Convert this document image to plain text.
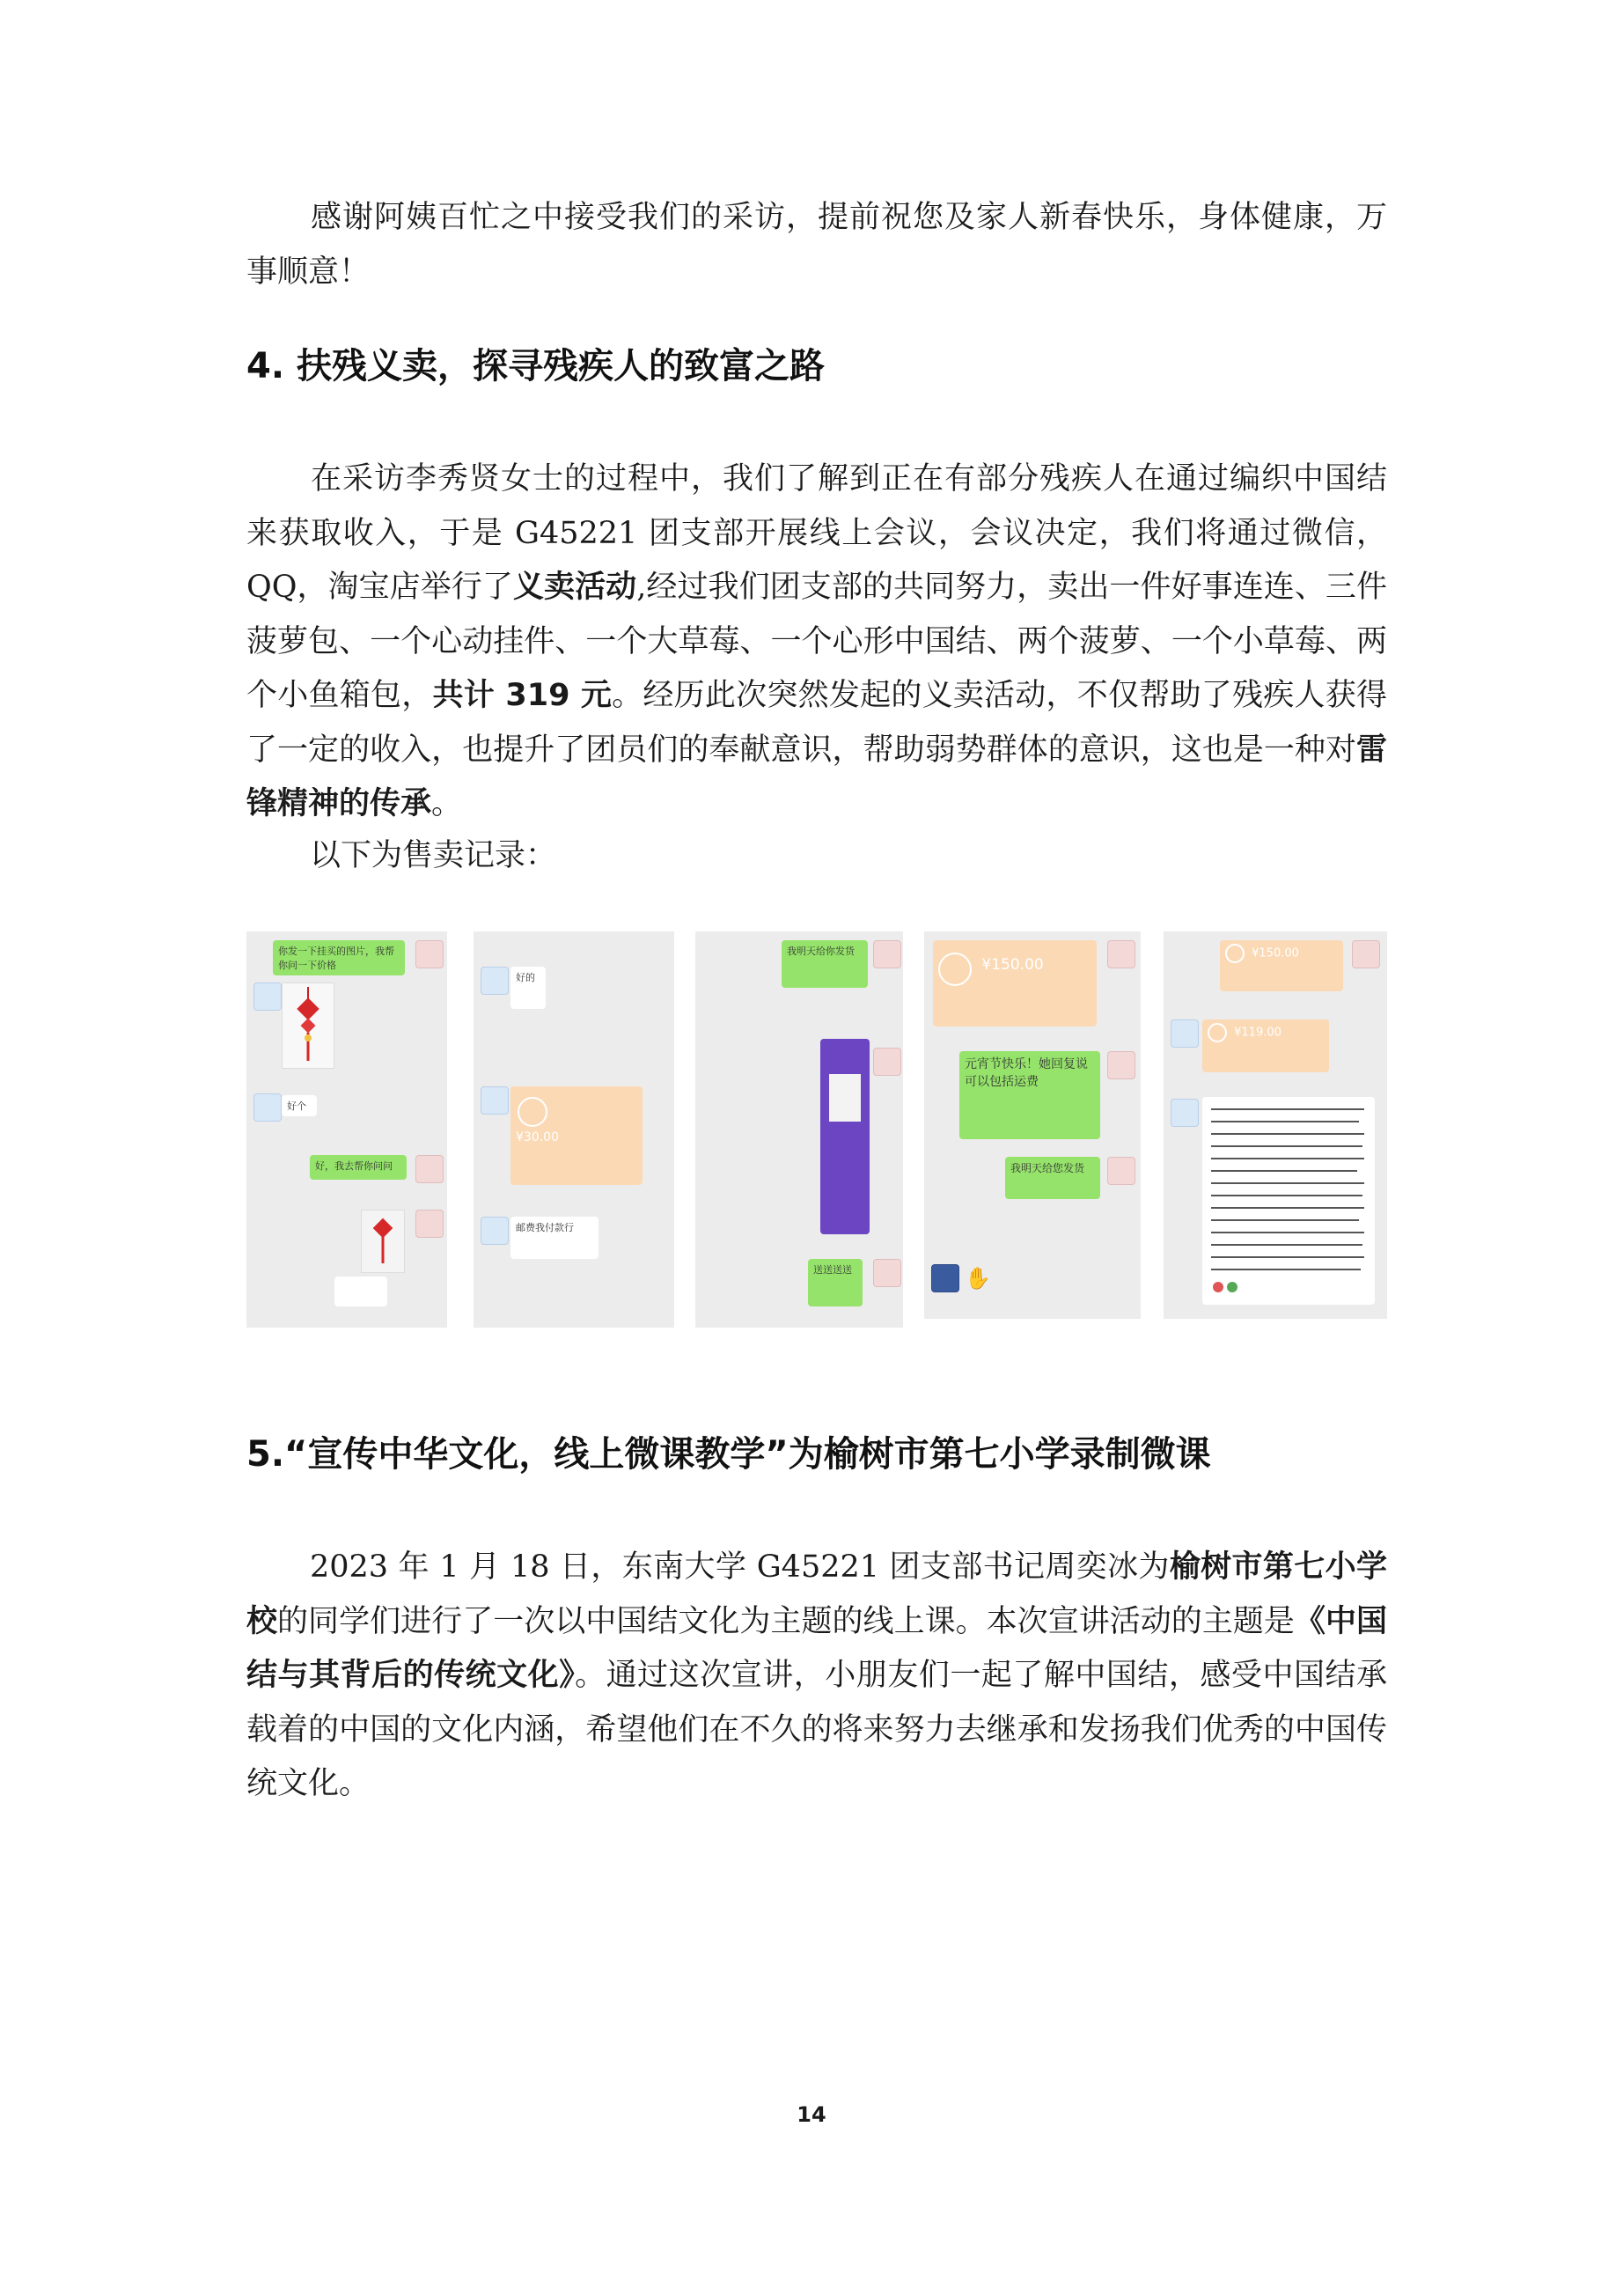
感谢阿姨百忙之中接受我们的采访，提前祝您及家人新春快乐，身体健康，万事顺意！

4. 扶残义卖，探寻残疾人的致富之路

在采访李秀贤女士的过程中，我们了解到正在有部分残疾人在通过编织中国结来获取收入，于是 G45221 团支部开展线上会议，会议决定，我们将通过微信，QQ，淘宝店举行了义卖活动,经过我们团支部的共同努力，卖出一件好事连连、三件菠萝包、一个心动挂件、一个大草莓、一个心形中国结、两个菠萝、一个小草莓、两个小鱼箱包，共计 319 元。经历此次突然发起的义卖活动，不仅帮助了残疾人获得了一定的收入，也提升了团员们的奉献意识，帮助弱势群体的意识，这也是一种对雷锋精神的传承。

以下为售卖记录：

你发一下挂买的图片，我帮你问一下价格
好个
好，我去帮你问问
好的
¥30.00
邮费我付款行
我明天给你发货
送送送送
¥150.00
元宵节快乐！她回复说可以包括运费
我明天给您发货
✋
¥150.00
¥119.00
5.“宣传中华文化，线上微课教学”为榆树市第七小学录制微课

2023 年 1 月 18 日，东南大学 G45221 团支部书记周奕冰为榆树市第七小学校的同学们进行了一次以中国结文化为主题的线上课。本次宣讲活动的主题是《中国结与其背后的传统文化》。通过这次宣讲，小朋友们一起了解中国结，感受中国结承载着的中国的文化内涵，希望他们在不久的将来努力去继承和发扬我们优秀的中国传统文化。

14
